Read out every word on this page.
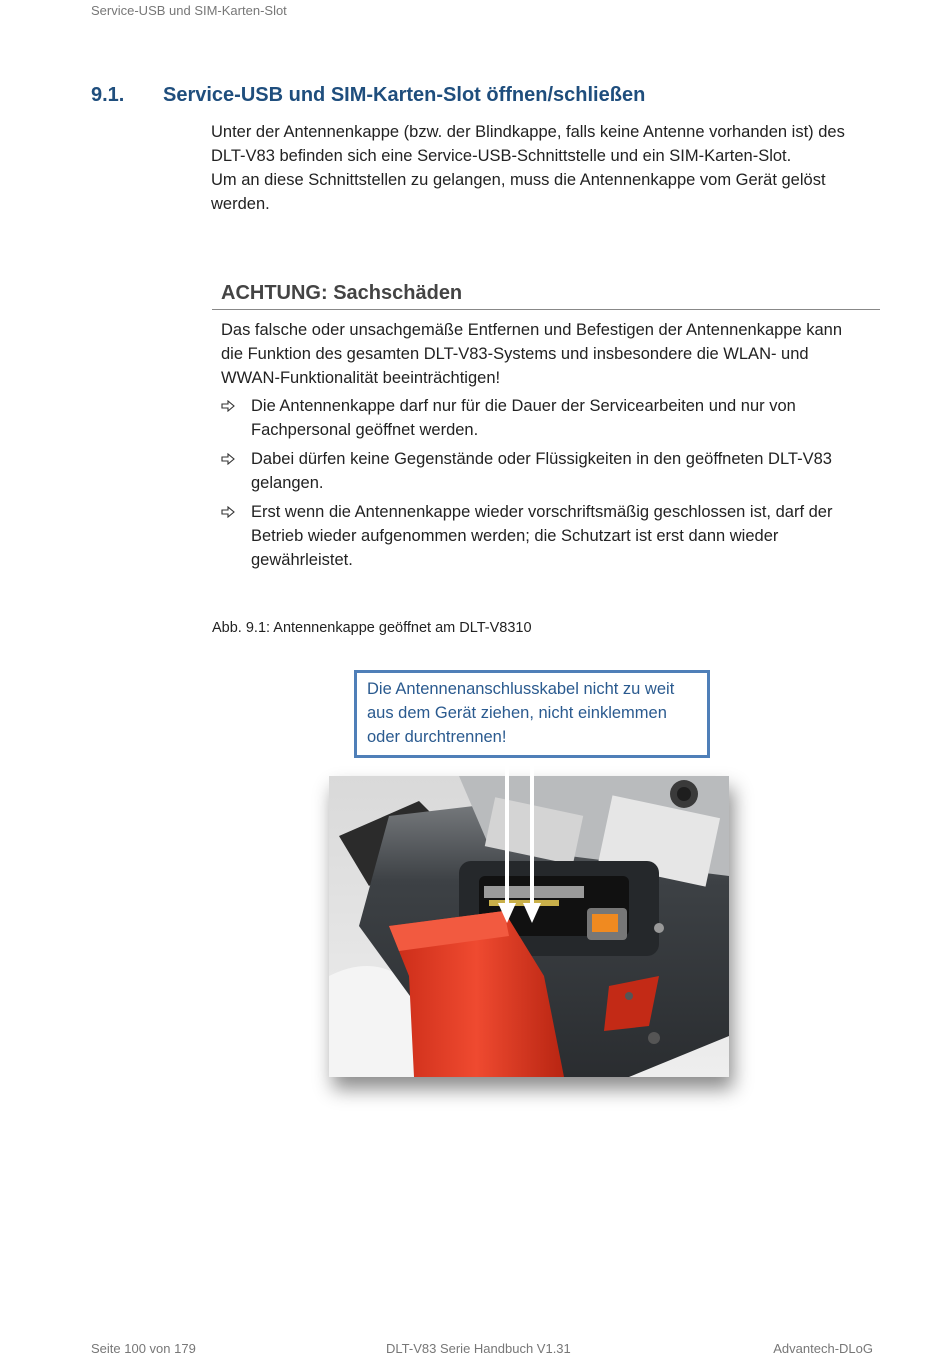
Service-USB und SIM-Karten-Slot
9.1. Service-USB und SIM-Karten-Slot öffnen/schließen

Unter der Antennenkappe (bzw. der Blindkappe, falls keine Antenne vorhanden ist) des

DLT-V83 befinden sich eine Service-USB-Schnittstelle und ein SIM-Karten-Slot.

Um an diese Schnittstellen zu gelangen, muss die Antennenkappe vom Gerät gelöst

werden.

ACHTUNG: Sachschäden

Das falsche oder unsachgemäße Entfernen und Befestigen der Antennenkappe kann

die Funktion des gesamten DLT-V83-Systems und insbesondere die WLAN- und

WWAN-Funktionalität beeinträchtigen!

Die Antennenkappe darf nur für die Dauer der Servicearbeiten und nur von
Fachpersonal geöffnet werden.
Dabei dürfen keine Gegenstände oder Flüssigkeiten in den geöffneten DLT-V83
gelangen.
Erst wenn die Antennenkappe wieder vorschriftsmäßig geschlossen ist, darf der
Betrieb wieder aufgenommen werden; die Schutzart ist erst dann wieder
gewährleistet.
Abb. 9.1: Antennenkappe geöffnet am DLT-V8310
Die Antennenanschlusskabel nicht zu weit
aus dem Gerät ziehen, nicht einklemmen
oder durchtrennen!
Seite 100 von 179	DLT-V83 Serie Handbuch V1.31	Advantech-DLoG
